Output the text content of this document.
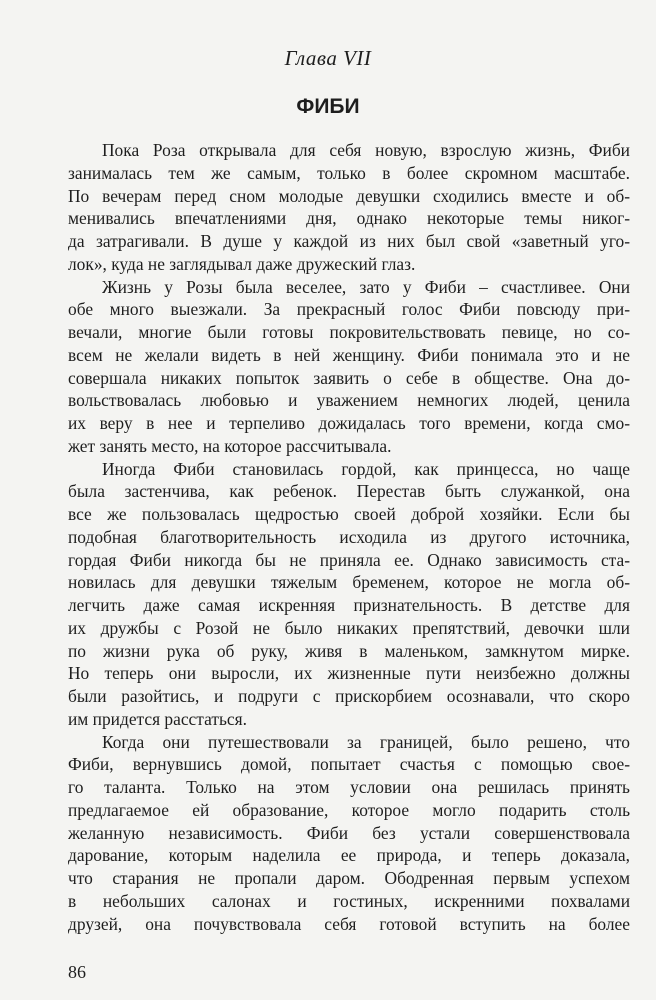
Глава VII
ФИБИ
Пока Роза открывала для себя новую, взрослую жизнь, Фиби
занималась тем же самым, только в более скромном масштабе.
По вечерам перед сном молодые девушки сходились вместе и об-
менивались впечатлениями дня, однако некоторые темы никог-
да затрагивали. В душе у каждой из них был свой «заветный уго-
лок», куда не заглядывал даже дружеский глаз.
Жизнь у Розы была веселее, зато у Фиби – счастливее. Они
обе много выезжали. За прекрасный голос Фиби повсюду при-
вечали, многие были готовы покровительствовать певице, но со-
всем не желали видеть в ней женщину. Фиби понимала это и не
совершала никаких попыток заявить о себе в обществе. Она до-
вольствовалась любовью и уважением немногих людей, ценила
их веру в нее и терпеливо дожидалась того времени, когда смо-
жет занять место, на которое рассчитывала.
Иногда Фиби становилась гордой, как принцесса, но чаще
была застенчива, как ребенок. Перестав быть служанкой, она
все же пользовалась щедростью своей доброй хозяйки. Если бы
подобная благотворительность исходила из другого источника,
гордая Фиби никогда бы не приняла ее. Однако зависимость ста-
новилась для девушки тяжелым бременем, которое не могла об-
легчить даже самая искренняя признательность. В детстве для
их дружбы с Розой не было никаких препятствий, девочки шли
по жизни рука об руку, живя в маленьком, замкнутом мирке.
Но теперь они выросли, их жизненные пути неизбежно должны
были разойтись, и подруги с прискорбием осознавали, что скоро
им придется расстаться.
Когда они путешествовали за границей, было решено, что
Фиби, вернувшись домой, попытает счастья с помощью свое-
го таланта. Только на этом условии она решилась принять
предлагаемое ей образование, которое могло подарить столь
желанную независимость. Фиби без устали совершенствовала
дарование, которым наделила ее природа, и теперь доказала,
что старания не пропали даром. Ободренная первым успехом
в небольших салонах и гостиных, искренними похвалами
друзей, она почувствовала себя готовой вступить на более
86
